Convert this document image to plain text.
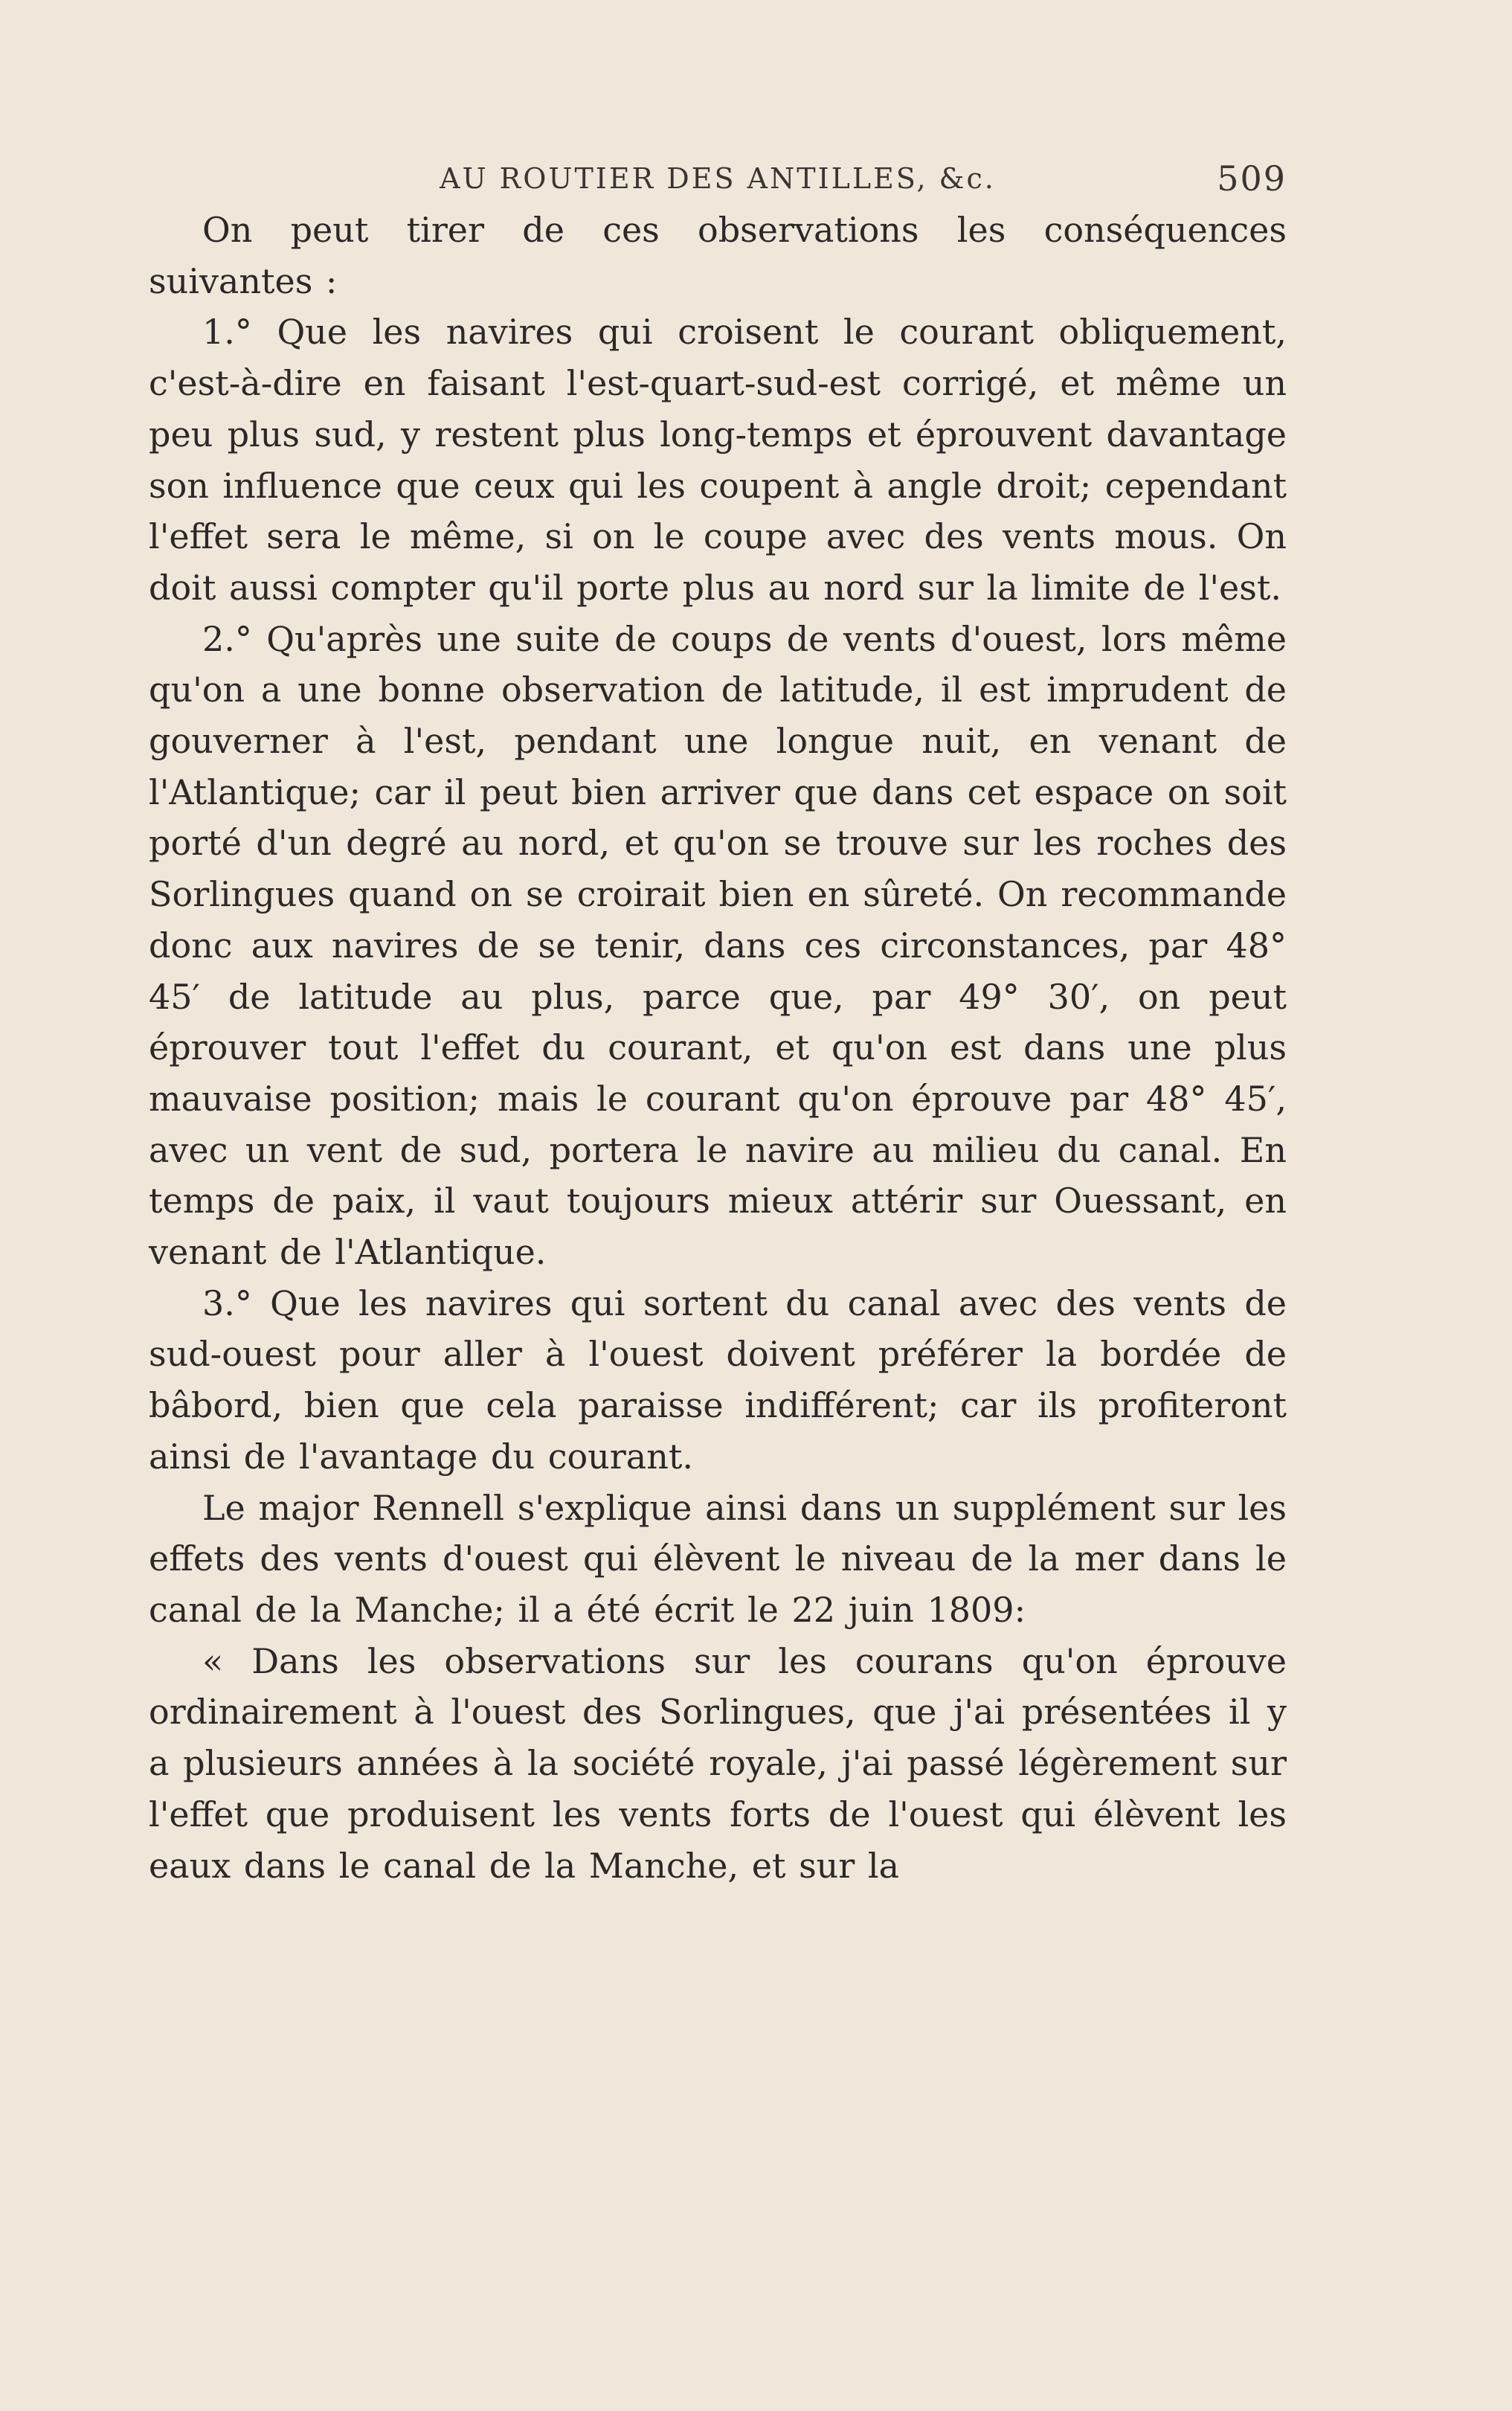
AU ROUTIER DES ANTILLES, &c.	509

On peut tirer de ces observations les conséquences suivantes :

1.° Que les navires qui croisent le courant obliquement, c'est-à-dire en faisant l'est-quart-sud-est corrigé, et même un peu plus sud, y restent plus long-temps et éprouvent davantage son influence que ceux qui les coupent à angle droit; cependant l'effet sera le même, si on le coupe avec des vents mous. On doit aussi compter qu'il porte plus au nord sur la limite de l'est.

2.° Qu'après une suite de coups de vents d'ouest, lors même qu'on a une bonne observation de latitude, il est imprudent de gouverner à l'est, pendant une longue nuit, en venant de l'Atlantique; car il peut bien arriver que dans cet espace on soit porté d'un degré au nord, et qu'on se trouve sur les roches des Sorlingues quand on se croirait bien en sûreté. On recommande donc aux navires de se tenir, dans ces circonstances, par 48° 45′ de latitude au plus, parce que, par 49° 30′, on peut éprouver tout l'effet du courant, et qu'on est dans une plus mauvaise position; mais le courant qu'on éprouve par 48° 45′, avec un vent de sud, portera le navire au milieu du canal. En temps de paix, il vaut toujours mieux attérir sur Ouessant, en venant de l'Atlantique.

3.° Que les navires qui sortent du canal avec des vents de sud-ouest pour aller à l'ouest doivent préférer la bordée de bâbord, bien que cela paraisse indifférent; car ils profiteront ainsi de l'avantage du courant.

Le major Rennell s'explique ainsi dans un supplément sur les effets des vents d'ouest qui élèvent le niveau de la mer dans le canal de la Manche; il a été écrit le 22 juin 1809:

« Dans les observations sur les courans qu'on éprouve ordinairement à l'ouest des Sorlingues, que j'ai présentées il y a plusieurs années à la société royale, j'ai passé légèrement sur l'effet que produisent les vents forts de l'ouest qui élèvent les eaux dans le canal de la Manche, et sur la
